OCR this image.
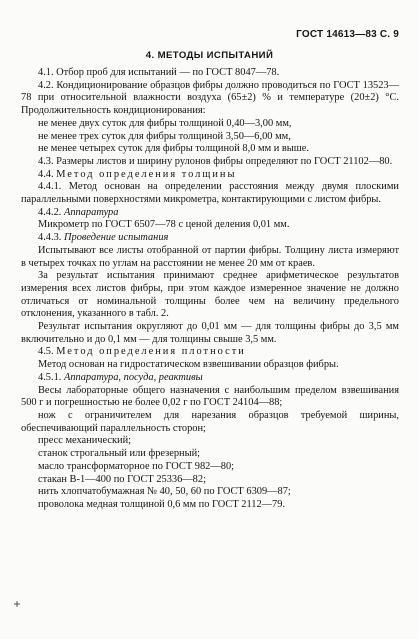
ГОСТ 14613—83 С. 9
4. МЕТОДЫ ИСПЫТАНИЙ

4.1. Отбор проб для испытаний — по ГОСТ 8047—78.

4.2. Кондиционирование образцов фибры должно проводиться по ГОСТ 13523—78 при относительной влажности воздуха (65±2) % и температуре (20±2) °С. Продолжительность кондиционирования:

не менее двух суток для фибры толщиной 0,40—3,00 мм,

не менее трех суток для фибры толщиной 3,50—6,00 мм,

не менее четырех суток для фибры толщиной 8,0 мм и выше.

4.3. Размеры листов и ширину рулонов фибры определяют по ГОСТ 21102—80.

4.4. Метод определения толщины

4.4.1. Метод основан на определении расстояния между двумя плоскими параллельными поверхностями микрометра, контактирующими с листом фибры.

4.4.2. Аппаратура

Микрометр по ГОСТ 6507—78 с ценой деления 0,01 мм.

4.4.3. Проведение испытания

Испытывают все листы отобранной от партии фибры. Толщину листа измеряют в четырех точках по углам на расстоянии не менее 20 мм от краев.

За результат испытания принимают среднее арифметическое результатов измерения всех листов фибры, при этом каждое измеренное значение не должно отличаться от номинальной толщины более чем на величину предельного отклонения, указанного в табл. 2.

Результат испытания округляют до 0,01 мм — для толщины фибры до 3,5 мм включительно и до 0,1 мм — для толщины свыше 3,5 мм.

4.5. Метод определения плотности

Метод основан на гидростатическом взвешивании образцов фибры.

4.5.1. Аппаратура, посуда, реактивы

Весы лабораторные общего назначения с наибольшим пределом взвешивания 500 г и погрешностью не более 0,02 г по ГОСТ 24104—88;

нож с ограничителем для нарезания образцов требуемой ширины, обеспечивающий параллельность сторон;

пресс механический;

станок строгальный или фрезерный;

масло трансформаторное по ГОСТ 982—80;

стакан В-1—400 по ГОСТ 25336—82;

нить хлопчатобумажная № 40, 50, 60 по ГОСТ 6309—87;

проволока медная толщиной 0,6 мм по ГОСТ 2112—79.
